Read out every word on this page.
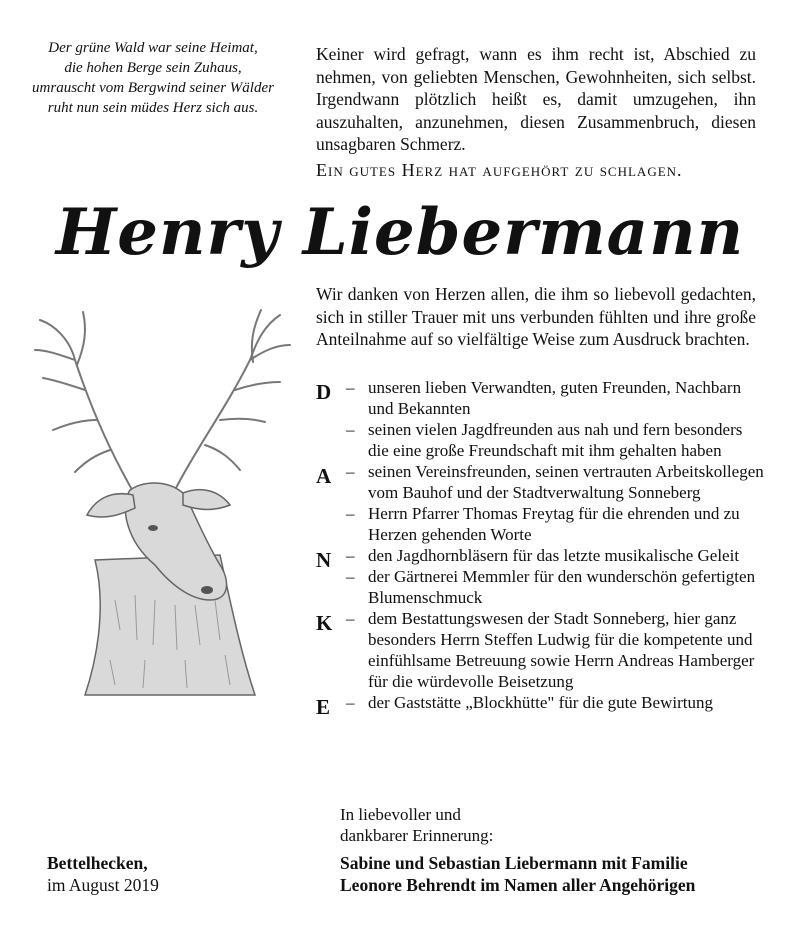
Der grüne Wald war seine Heimat,
die hohen Berge sein Zuhaus,
umrauscht vom Bergwind seiner Wälder
ruht nun sein müdes Herz sich aus.
Keiner wird gefragt, wann es ihm recht ist, Abschied zu nehmen, von geliebten Menschen, Gewohnheiten, sich selbst. Irgendwann plötzlich heißt es, damit umzugehen, ihn auszuhalten, anzunehmen, diesen Zusammenbruch, diesen unsagbaren Schmerz.
Ein gutes Herz hat aufgehört zu schlagen.
Henry Liebermann
Wir danken von Herzen allen, die ihm so liebevoll gedachten, sich in stiller Trauer mit uns verbunden fühlten und ihre große Anteilnahme auf so vielfältige Weise zum Ausdruck brachten.
D – unseren lieben Verwandten, guten Freunden, Nachbarn und Bekannten
– seinen vielen Jagdfreunden aus nah und fern besonders die eine große Freundschaft mit ihm gehalten haben
A – seinen Vereinsfreunden, seinen vertrauten Arbeitskollegen vom Bauhof und der Stadtverwaltung Sonneberg
– Herrn Pfarrer Thomas Freytag für die ehrenden und zu Herzen gehenden Worte
N – den Jagdhornbläsern für das letzte musikalische Geleit
– der Gärtnerei Memmler für den wunderschön gefertigten Blumenschmuck
K – dem Bestattungswesen der Stadt Sonneberg, hier ganz besonders Herrn Steffen Ludwig für die kompetente und einfühlsame Betreuung sowie Herrn Andreas Hamberger für die würdevolle Beisetzung
E – der Gaststätte „Blockhütte" für die gute Bewirtung
In liebevoller und
dankbarer Erinnerung:
Bettelhecken,
im August 2019
Sabine und Sebastian Liebermann mit Familie
Leonore Behrendt im Namen aller Angehörigen
